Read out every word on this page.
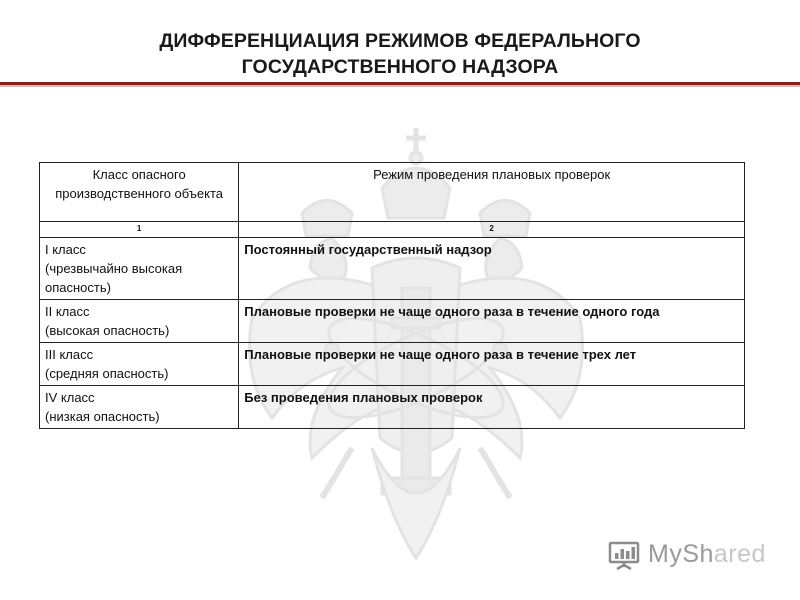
ДИФФЕРЕНЦИАЦИЯ РЕЖИМОВ ФЕДЕРАЛЬНОГО
ГОСУДАРСТВЕННОГО НАДЗОРА
Класс опасного производственного объекта	Режим проведения плановых проверок
1	2

I класс
(чрезвычайно высокая опасность)	Постоянный государственный надзор

II класс
(высокая опасность)	Плановые проверки не чаще одного раза в течение одного года

III класс
(средняя опасность)	Плановые проверки не чаще одного раза в течение трех лет

IV класс
(низкая опасность)	Без проведения плановых проверок
MyShared
